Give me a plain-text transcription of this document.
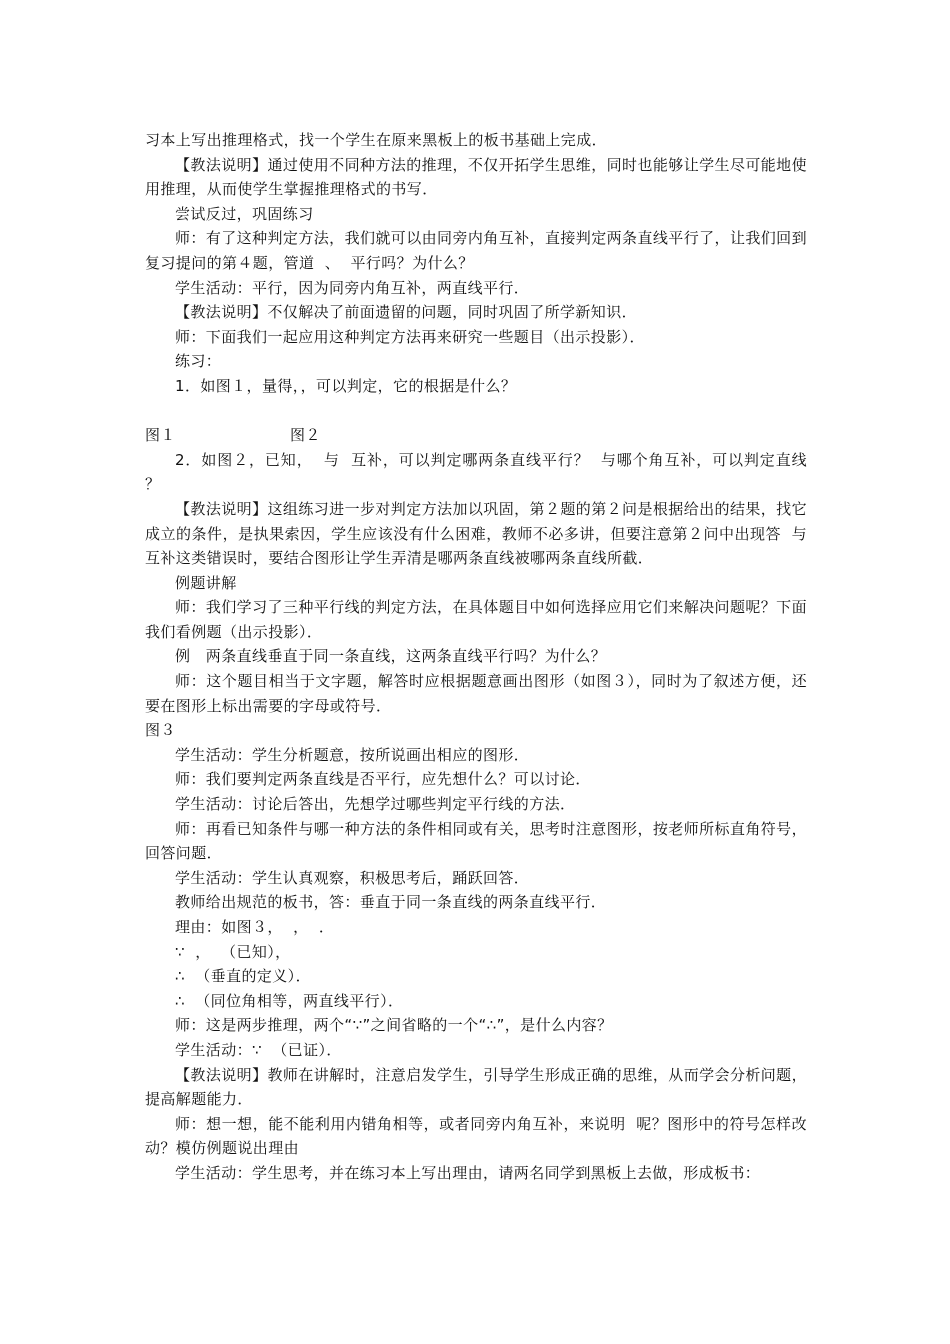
习本上写出推理格式，找一个学生在原来黑板上的板书基础上完成．

【教法说明】通过使用不同种方法的推理，不仅开拓学生思维，同时也能够让学生尽可能地使用推理，从而使学生掌握推理格式的书写．

尝试反过，巩固练习

师：有了这种判定方法，我们就可以由同旁内角互补，直接判定两条直线平行了，让我们回到复习提问的第４题，管道  、  平行吗？为什么？

学生活动：平行，因为同旁内角互补，两直线平行．

【教法说明】不仅解决了前面遗留的问题，同时巩固了所学新知识．

师：下面我们一起应用这种判定方法再来研究一些题目（出示投影）．

练习：

1．如图１，量得，，可以判定，它的根据是什么？

图１	图２

2．如图２，已知，  与  互补，可以判定哪两条直线平行？  与哪个角互补，可以判定直线  ？

【教法说明】这组练习进一步对判定方法加以巩固，第２题的第２问是根据给出的结果，找它成立的条件，是执果索因，学生应该没有什么困难，教师不必多讲，但要注意第２问中出现答  与  互补这类错误时，要结合图形让学生弄清是哪两条直线被哪两条直线所截．

例题讲解

师：我们学习了三种平行线的判定方法，在具体题目中如何选择应用它们来解决问题呢？下面我们看例题（出示投影）．

例　两条直线垂直于同一条直线，这两条直线平行吗？为什么？

师：这个题目相当于文字题，解答时应根据题意画出图形（如图３），同时为了叙述方便，还要在图形上标出需要的字母或符号．

图３

学生活动：学生分析题意，按所说画出相应的图形．

师：我们要判定两条直线是否平行，应先想什么？可以讨论．

学生活动：讨论后答出，先想学过哪些判定平行线的方法．

师：再看已知条件与哪一种方法的条件相同或有关，思考时注意图形，按老师所标直角符号，回答问题．

学生活动：学生认真观察，积极思考后，踊跃回答．

教师给出规范的板书，答：垂直于同一条直线的两条直线平行．

理由：如图３，  ，  ．

∵  ，  （已知），

∴  （垂直的定义）．

∴  （同位角相等，两直线平行）．

师：这是两步推理，两个“∵”之间省略的一个“∴”，是什么内容？

学生活动：∵  （已证）．

【教法说明】教师在讲解时，注意启发学生，引导学生形成正确的思维，从而学会分析问题，提高解题能力．

师：想一想，能不能利用内错角相等，或者同旁内角互补，来说明  呢？图形中的符号怎样改动？模仿例题说出理由

学生活动：学生思考，并在练习本上写出理由，请两名同学到黑板上去做，形成板书：
